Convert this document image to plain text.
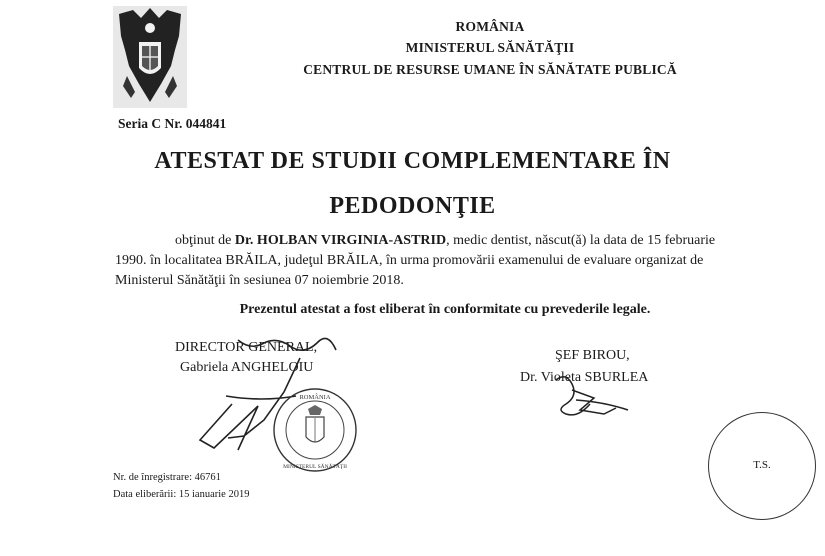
ROMÂNIA
MINISTERUL SĂNĂTĂŢII
CENTRUL DE RESURSE UMANE ÎN SĂNĂTATE PUBLICĂ
Seria C Nr. 044841
ATESTAT DE STUDII COMPLEMENTARE ÎN
PEDODONŢIE
obţinut de Dr. HOLBAN VIRGINIA-ASTRID, medic dentist, născut(ă) la data de 15 februarie
1990. în localitatea BRĂILA, judeţul BRĂILA, în urma promovării examenului de evaluare organizat de
Ministerul Sănătăţii în sesiunea 07 noiembrie 2018.
Prezentul atestat a fost eliberat în conformitate cu prevederile legale.
DIRECTOR GENERAL,
Gabriela ANGHELOIU
ŞEF BIROU,
Dr. Violeta SBURLEA
ROMÂNIA
MINISTERUL SĂNĂTĂŢII	T.S.
Nr. de înregistrare: 46761
Data eliberării: 15 ianuarie 2019
